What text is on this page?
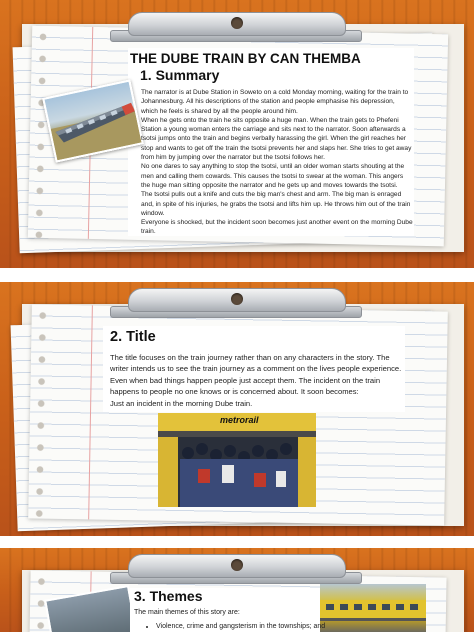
THE DUBE TRAIN BY CAN THEMBA
1. Summary

The narrator is at Dube Station in Soweto on a cold Monday morning, waiting for the train to Johannesburg. All his descriptions of the station and people emphasise his depression, which he feels is shared by all the people around him.

When he gets onto the train he sits opposite a huge man. When the train gets to Phefeni Station a young woman enters the carriage and sits next to the narrator. Soon afterwards a tsotsi jumps onto the train and begins verbally harassing the girl. When the girl reaches her stop and wants to get off the train the tsotsi prevents her and slaps her. She tries to get away from him by jumping over the narrator but the tsotsi follows her.

No one dares to say anything to stop the tsotsi, until an older woman starts shouting at the men and calling them cowards. This causes the tsotsi to swear at the woman. This angers the huge man sitting opposite the narrator and he gets up and moves towards the tsotsi.

The tsotsi pulls out a knife and cuts the big man's chest and arm. The big man is enraged and, in spite of his injuries, he grabs the tsotsi and lifts him up. He throws him out of the train window.

Everyone is shocked, but the incident soon becomes just another event on the morning Dube train.

2. Title

The title focuses on the train journey rather than on any characters in the story. The writer intends us to see the train journey as a comment on the lives people experience. Even when bad things happen people just accept them. The incident on the train happens to people no one knows or is concerned about. It soon becomes:

Just an incident in the morning Dube train.

metrorail
3. Themes
The main themes of this story are:
• Violence, crime and gangsterism in the townships; and
